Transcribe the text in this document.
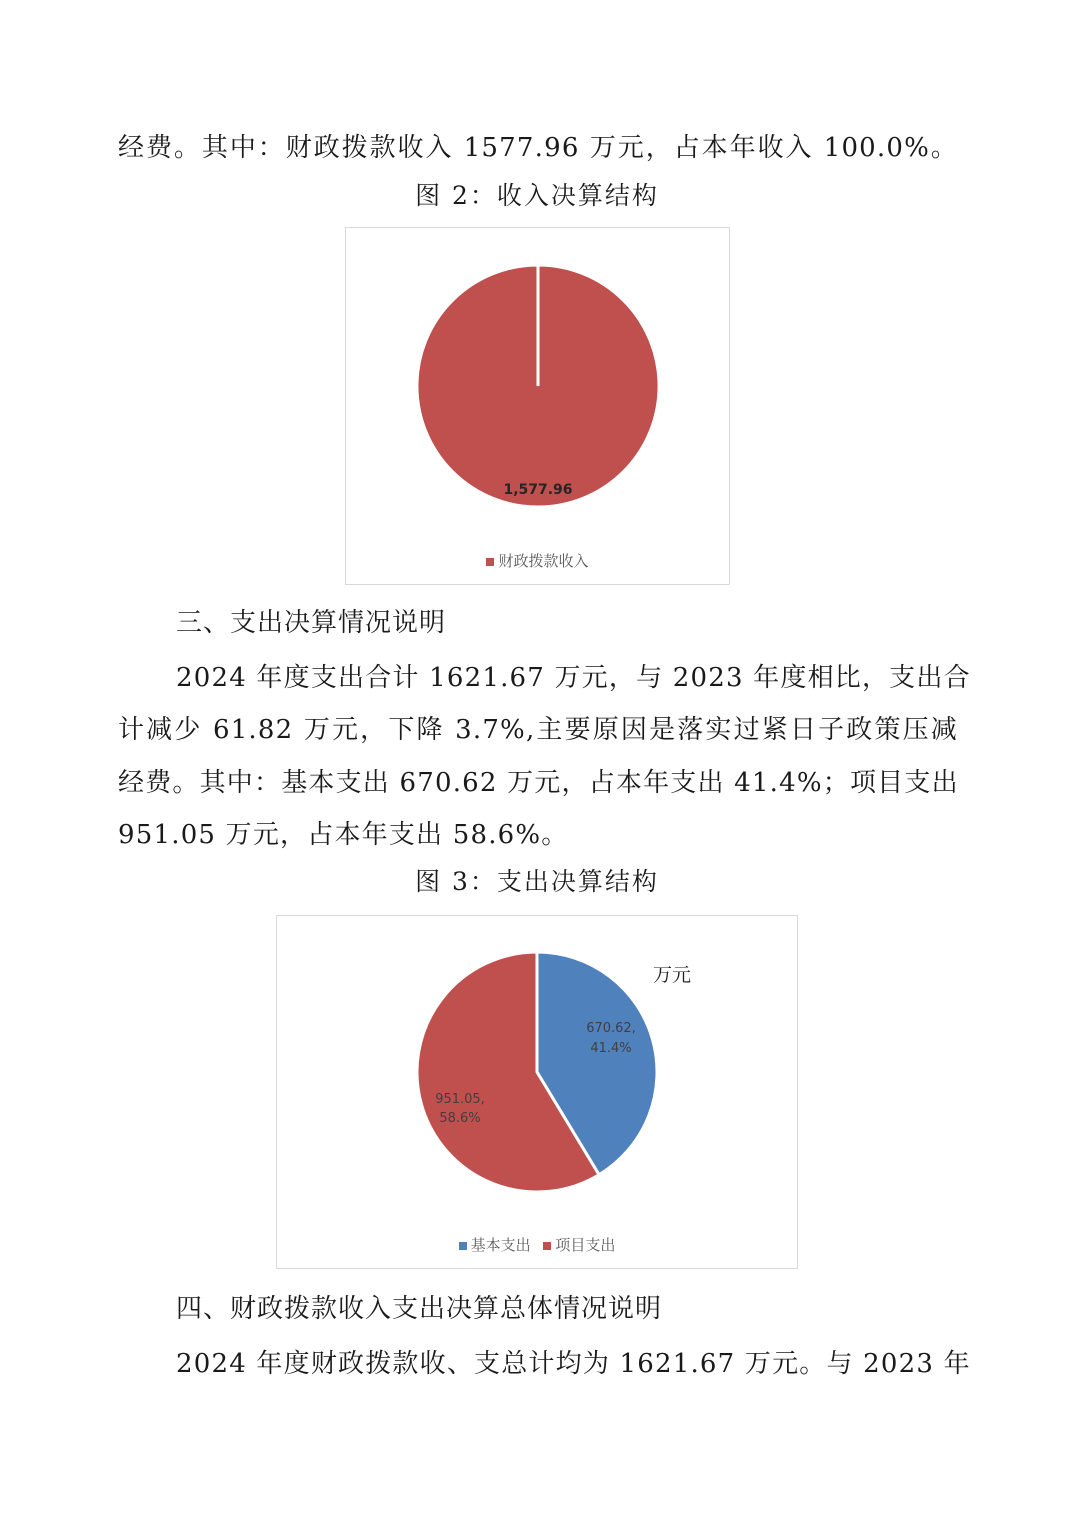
经费。其中：财政拨款收入 1577.96 万元，占本年收入 100.0%。
图 2：收入决算结构
1,577.96
财政拨款收入
三、支出决算情况说明
2024 年度支出合计 1621.67 万元，与 2023 年度相比，支出合
计减少 61.82 万元，下降 3.7%,主要原因是落实过紧日子政策压减
经费。其中：基本支出 670.62 万元，占本年支出 41.4%；项目支出
951.05 万元，占本年支出 58.6%。
图 3：支出决算结构
万元
670.62,
41.4%
951.05,
58.6%
基本支出 项目支出
四、财政拨款收入支出决算总体情况说明
2024 年度财政拨款收、支总计均为 1621.67 万元。与 2023 年
